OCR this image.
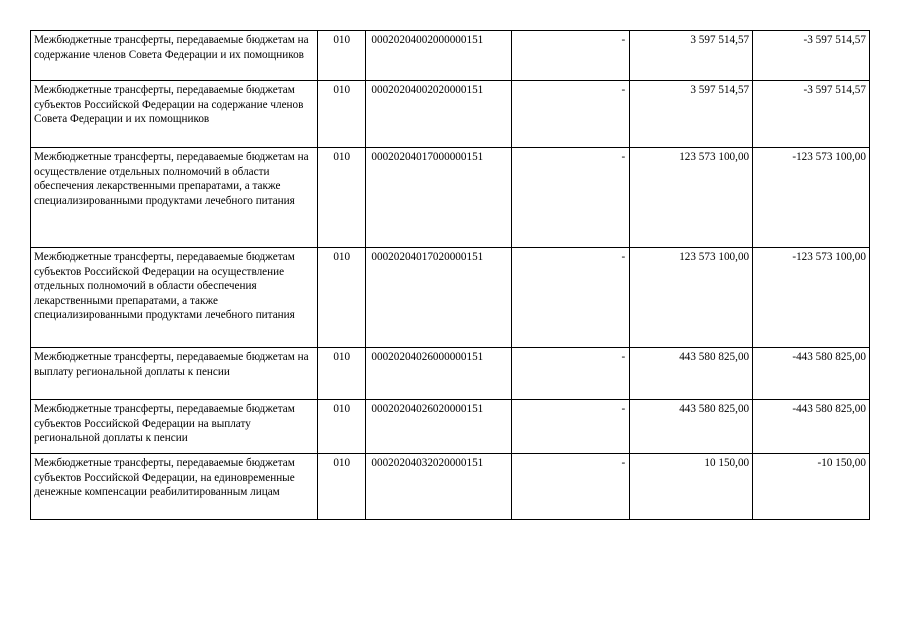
Межбюджетные трансферты, передаваемые бюджетам на содержание членов Совета Федерации и их помощников	010	00020204002000000151	-	3 597 514,57	-3 597 514,57
Межбюджетные трансферты, передаваемые бюджетам субъектов Российской Федерации на содержание членов Совета Федерации и их помощников	010	00020204002020000151	-	3 597 514,57	-3 597 514,57
Межбюджетные трансферты, передаваемые бюджетам на осуществление отдельных полномочий в области обеспечения лекарственными препаратами, а также специализированными продуктами лечебного питания	010	00020204017000000151	-	123 573 100,00	-123 573 100,00
Межбюджетные трансферты, передаваемые бюджетам субъектов Российской Федерации на осуществление отдельных полномочий в области обеспечения лекарственными препаратами, а также специализированными продуктами лечебного питания	010	00020204017020000151	-	123 573 100,00	-123 573 100,00
Межбюджетные трансферты, передаваемые бюджетам на выплату региональной доплаты к пенсии	010	00020204026000000151	-	443 580 825,00	-443 580 825,00
Межбюджетные трансферты, передаваемые бюджетам субъектов Российской Федерации на выплату региональной доплаты к пенсии	010	00020204026020000151	-	443 580 825,00	-443 580 825,00
Межбюджетные трансферты, передаваемые бюджетам субъектов Российской Федерации, на единовременные денежные компенсации реабилитированным лицам	010	00020204032020000151	-	10 150,00	-10 150,00
